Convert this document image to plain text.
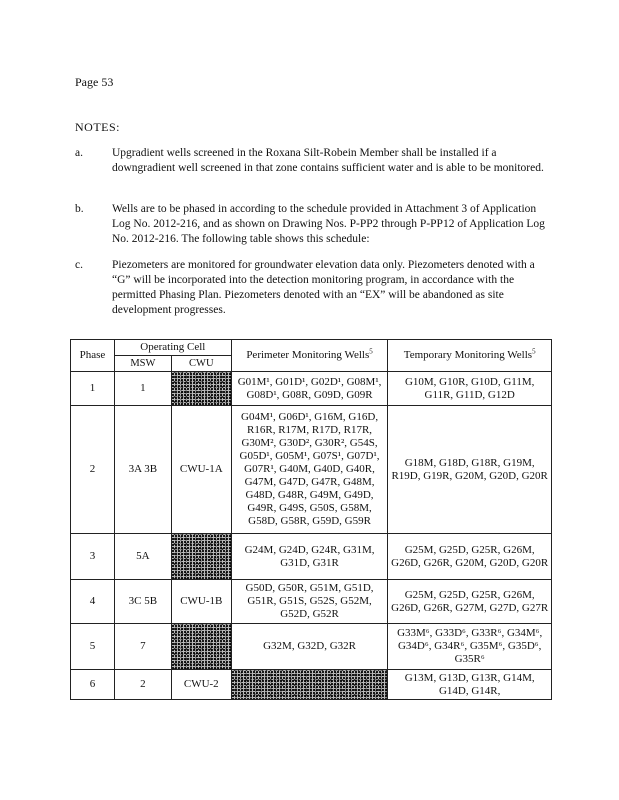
Page 53
NOTES:
a.	Upgradient wells screened in the Roxana Silt-Robein Member shall be installed if a downgradient well screened in that zone contains sufficient water and is able to be monitored.
b. Wells are to be phased in according to the schedule provided in Attachment 3 of Application Log No. 2012-216, and as shown on Drawing Nos. P-PP2 through P-PP12 of Application Log No. 2012-216. The following table shows this schedule:
c.	Piezometers are monitored for groundwater elevation data only. Piezometers denoted with a “G” will be incorporated into the detection monitoring program, in accordance with the permitted Phasing Plan. Piezometers denoted with an “EX” will be abandoned as site development progresses.
Phase	Operating Cell		Perimeter Monitoring Wells$^5$	Temporary Monitoring Wells$^5$
	MSW	CWU		
1	1		G01M¹, G01D¹, G02D¹, G08M¹, G08D¹, G08R, G09D, G09R	G10M, G10R, G10D, G11M, G11R, G11D, G12D
2	3A 3B	CWU-1A	G04M¹, G06D¹, G16M, G16D, R16R, R17M, R17D, R17R, G30M², G30D², G30R², G54S, G05D¹, G05M¹, G07S¹, G07D¹, G07R¹, G40M, G40D, G40R, G47M, G47D, G47R, G48M, G48D, G48R, G49M, G49D, G49R, G49S, G50S, G58M, G58D, G58R, G59D, G59R	G18M, G18D, G18R, G19M, R19D, G19R, G20M, G20D, G20R
3	5A		G24M, G24D, G24R, G31M, G31D, G31R	G25M, G25D, G25R, G26M, G26D, G26R, G20M, G20D, G20R
4	3C 5B	CWU-1B	G50D, G50R, G51M, G51D, G51R, G51S, G52S, G52M, G52D, G52R	G25M, G25D, G25R, G26M, G26D, G26R, G27M, G27D, G27R
5	7		G32M, G32D, G32R	G33M⁶, G33D⁶, G33R⁶, G34M⁶, G34D⁶, G34R⁶, G35M⁶, G35D⁶, G35R⁶
6	2	CWU-2		G13M, G13D, G13R, G14M, G14D, G14R,
